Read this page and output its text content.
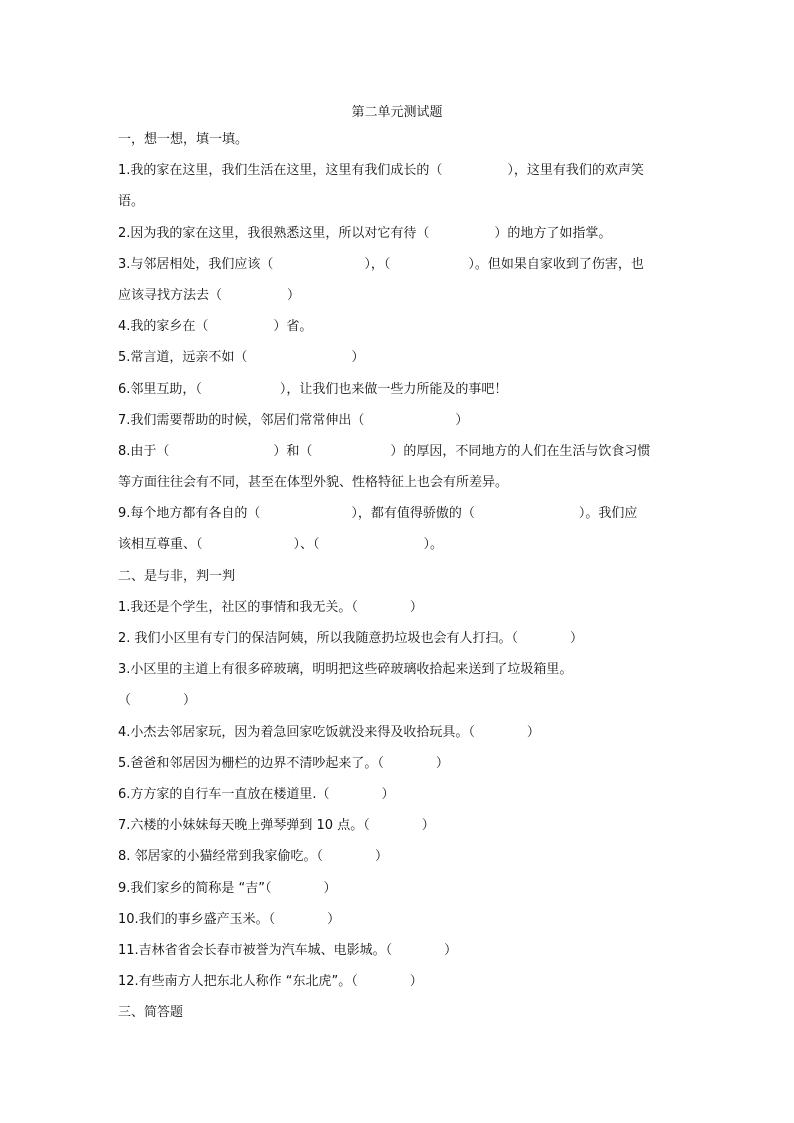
第二单元测试题
一，想一想，填一填。
1.我的家在这里，我们生活在这里，这里有我们成长的（　　　　　），这里有我们的欢声笑
语。
2.因为我的家在这里，我很熟悉这里，所以对它有待（　　　　　）的地方了如指掌。
3.与邻居相处，我们应该（　　　　　　　），（　　　　　　）。但如果自家收到了伤害，也
应该寻找方法去（　　　　　）
4.我的家乡在（　　　　　）省。
5.常言道，远亲不如（　　　　　　　　）
6.邻里互助，（　　　　　　），让我们也来做一些力所能及的事吧！
7.我们需要帮助的时候，邻居们常常伸出（　　　　　　　）
8.由于（　　　　　　　　）和（　　　　　　）的厚因，不同地方的人们在生活与饮食习惯
等方面往往会有不同，甚至在体型外貌、性格特征上也会有所差异。
9.每个地方都有各自的（　　　　　　　），都有值得骄傲的（　　　　　　　　）。我们应
该相互尊重、（　　　　　　　）、（　　　　　　　　）。
二、是与非，判一判
1.我还是个学生，社区的事情和我无关。（　　　　）
2. 我们小区里有专门的保洁阿姨，所以我随意扔垃圾也会有人打扫。（　　　　）
3.小区里的主道上有很多碎玻璃，明明把这些碎玻璃收拾起来送到了垃圾箱里。
（　　　　）
4.小杰去邻居家玩，因为着急回家吃饭就没来得及收拾玩具。（　　　　）
5.爸爸和邻居因为栅栏的边界不清吵起来了。（　　　　）
6.方方家的自行车一直放在楼道里.（　　　　）
7.六楼的小妹妹每天晚上弹琴弹到 10 点。（　　　　）
8. 邻居家的小猫经常到我家偷吃。（　　　　）
9.我们家乡的简称是 “吉”（　　　　）
10.我们的事乡盛产玉米。（　　　　）
11.吉林省省会长春市被誉为汽车城、电影城。（　　　　）
12.有些南方人把东北人称作 “东北虎”。（　　　　）
三、简答题
